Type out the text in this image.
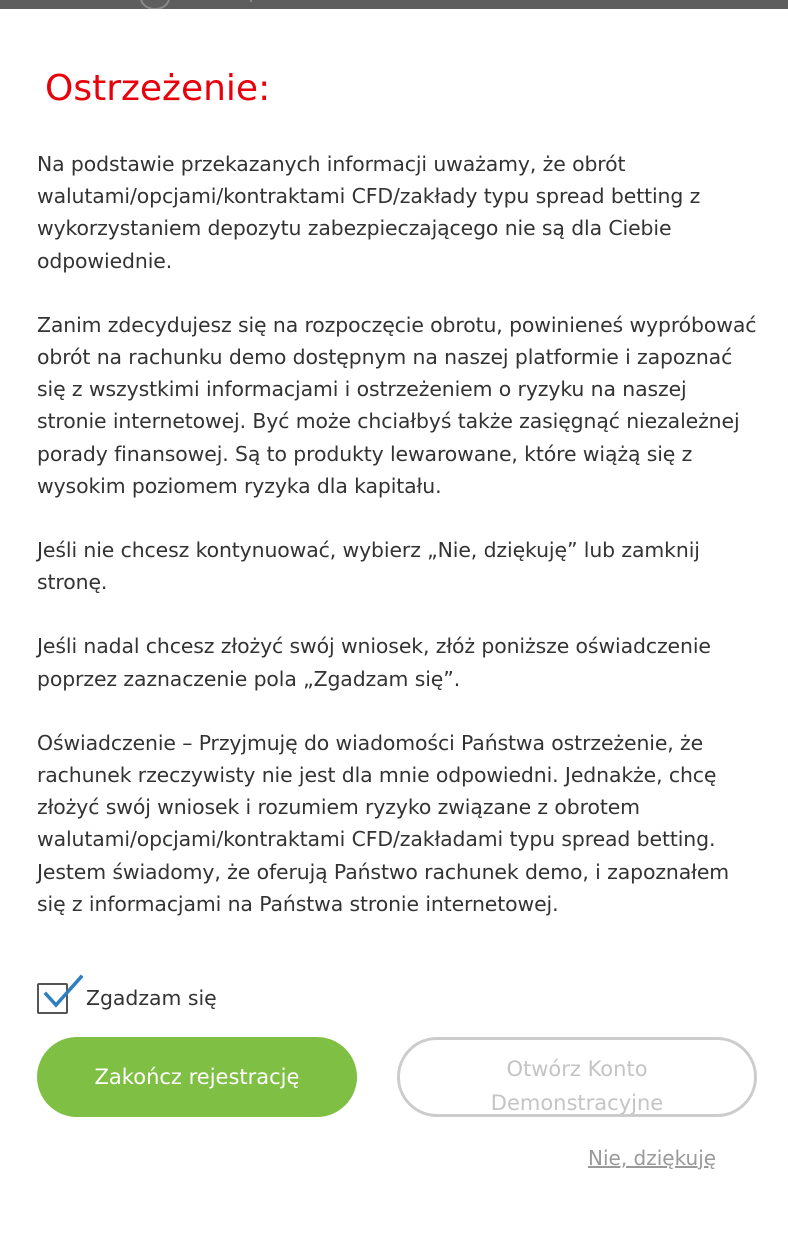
Ostrzeżenie:

Na podstawie przekazanych informacji uważamy, że obrót walutami/opcjami/kontraktami CFD/zakłady typu spread betting z wykorzystaniem depozytu zabezpieczającego nie są dla Ciebie odpowiednie.

Zanim zdecydujesz się na rozpoczęcie obrotu, powinieneś wypróbować obrót na rachunku demo dostępnym na naszej platformie i zapoznać się z wszystkimi informacjami i ostrzeżeniem o ryzyku na naszej stronie internetowej. Być może chciałbyś także zasięgnąć niezależnej porady finansowej. Są to produkty lewarowane, które wiążą się z wysokim poziomem ryzyka dla kapitału.

Jeśli nie chcesz kontynuować, wybierz „Nie, dziękuję” lub zamknij stronę.

Jeśli nadal chcesz złożyć swój wniosek, złóż poniższe oświadczenie poprzez zaznaczenie pola „Zgadzam się”.

Oświadczenie – Przyjmuję do wiadomości Państwa ostrzeżenie, że rachunek rzeczywisty nie jest dla mnie odpowiedni. Jednakże, chcę złożyć swój wniosek i rozumiem ryzyko związane z obrotem walutami/opcjami/kontraktami CFD/zakładami typu spread betting. Jestem świadomy, że oferują Państwo rachunek demo, i zapoznałem się z informacjami na Państwa stronie internetowej.

Zgadzam się
Zakończ rejestrację	Otwórz Konto Demonstracyjne
Nie, dziękuję
